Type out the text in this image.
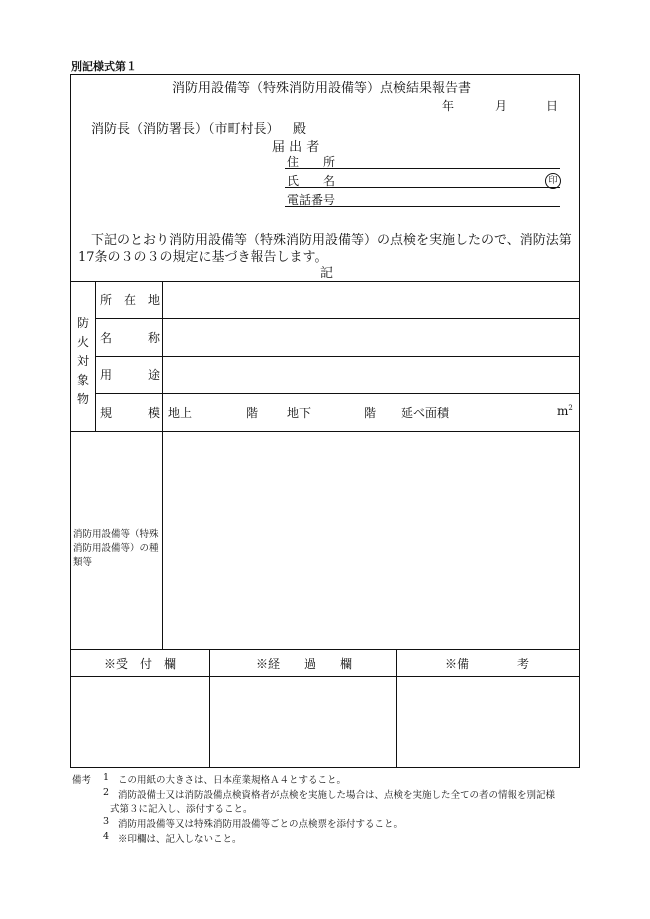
別記様式第１
消防用設備等（特殊消防用設備等）点検結果報告書
年	月	日
消防長（消防署長）（市町村長） 殿
届 出 者
住　　所
氏　　名	印
電話番号
下記のとおり消防用設備等（特殊消防用設備等）の点検を実施したので、消防法第
17条の３の３の規定に基づき報告します。
記
防火対象物
所　在　地
名　　　称
用　　　途
規　　　模 地上	階 地下	階 延べ面積	$m^2$
消防用設備等（特殊消防用設備等）の種類等
※受　付　欄	※経　　過　　欄	※備　　　　考
備考 1 この用紙の大きさは、日本産業規格Ａ４とすること。
2 消防設備士又は消防設備点検資格者が点検を実施した場合は、点検を実施した全ての者の情報を別記様
式第３に記入し、添付すること。
3 消防用設備等又は特殊消防用設備等ごとの点検票を添付すること。
4 ※印欄は、記入しないこと。
